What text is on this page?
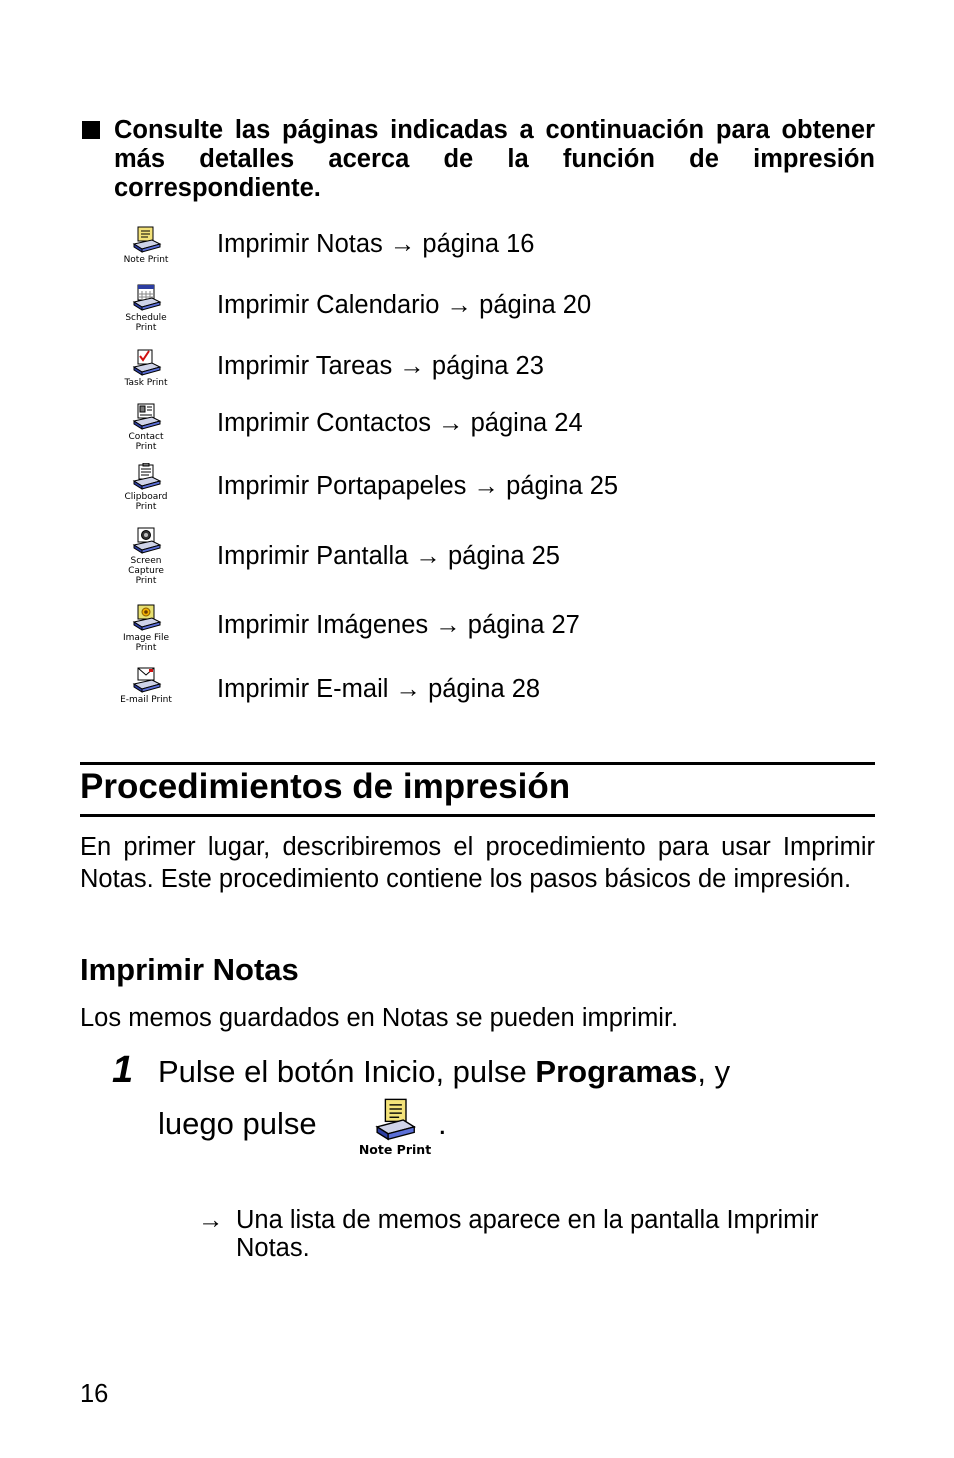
Consulte las páginas indicadas a continuación para obtener más detalles acerca de la función de impresión correspondiente.
Note Print
Imprimir Notas → página 16
Schedule
Print
Imprimir Calendario → página 20
Task Print
Imprimir Tareas → página 23
Contact
Print
Imprimir Contactos → página 24
Clipboard
Print
Imprimir Portapapeles → página 25
Screen
Capture
Print
Imprimir Pantalla → página 25
Image File
Print
Imprimir Imágenes → página 27
E-mail Print Imprimir E-mail → página 28
Procedimientos de impresión
En primer lugar, describiremos el procedimiento para usar Imprimir Notas. Este procedimiento contiene los pasos básicos de impresión.
Imprimir Notas
Los memos guardados en Notas se pueden imprimir.
1 Pulse el botón Inicio, pulse Programas, y
luego pulse
Note Print
.
→ Una lista de memos aparece en la pantalla Imprimir Notas.
16
